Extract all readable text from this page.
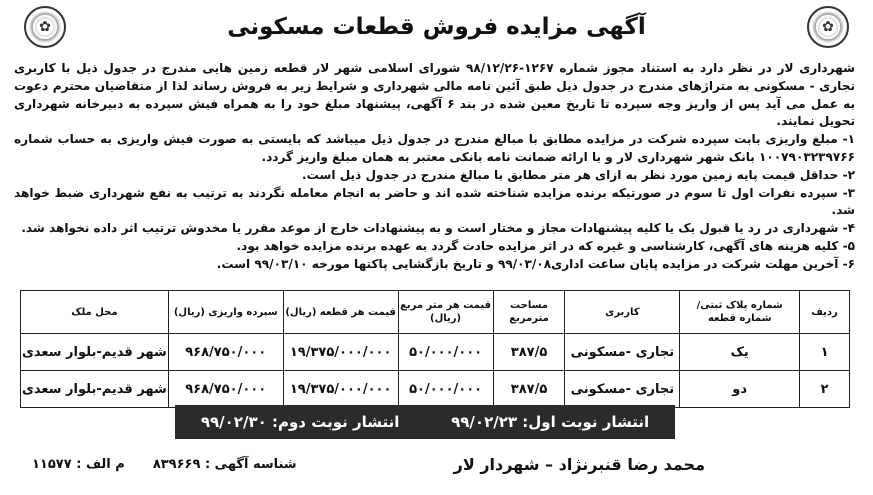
✿
✿	آگهی مزایده فروش قطعات مسکونی

شهرداری لار در نظر دارد به استناد مجوز شماره ۱۲۶۷-۹۸/۱۲/۲۶ شورای اسلامی شهر لار قطعه زمین هایی مندرج در جدول ذیل با کاربری تجاری - مسکونی به متراژهای مندرج در جدول ذیل طبق آئین نامه مالی شهرداری و شرایط زیر به فروش رساند لذا از متقاضیان محترم دعوت به عمل می آید پس از واریز وجه سپرده تا تاریخ معین شده در بند ۶ آگهی، پیشنهاد مبلغ خود را به همراه فیش سپرده به دبیرخانه شهرداری تحویل نمایند.

۱- مبلغ واریزی بابت سپرده شرکت در مزایده مطابق با مبالغ مندرج در جدول ذیل میباشد که بایستی به صورت فیش واریزی به حساب شماره ۱۰۰۷۹۰۳۲۳۹۷۶۶ بانک شهر شهرداری لار و یا ارائه ضمانت نامه بانکی معتبر به همان مبلغ واریز گردد.

۲- حداقل قیمت پایه زمین مورد نظر به ازای هر متر مطابق با مبالغ مندرج در جدول ذیل است.

۳- سپرده نفرات اول تا سوم در صورتیکه برنده مزایده شناخته شده اند و حاضر به انجام معامله نگردند به ترتیب به نفع شهرداری ضبط خواهد شد.

۴- شهرداری در رد یا قبول یک یا کلیه پیشنهادات مجاز و مختار است و به پیشنهادات خارج از موعد مقرر یا مخدوش ترتیب اثر داده نخواهد شد.

۵- کلیه هزینه های آگهی، کارشناسی و غیره که در اثر مزایده حادث گردد به عهده برنده مزایده خواهد بود.

۶- آخرین مهلت شرکت در مزایده پایان ساعت اداری۹۹/۰۳/۰۸ و تاریخ بازگشایی پاکتها مورخه ۹۹/۰۳/۱۰ است.

ردیف	شماره پلاک ثبتی/ شماره قطعه	کاربری	مساحت مترمربع	قیمت هر متر مربع (ریال)	قیمت هر قطعه (ریال)	سپرده واریزی (ریال)	محل ملک
۱	یک	تجاری -مسکونی	۳۸۷/۵	۵۰/۰۰۰/۰۰۰	۱۹/۳۷۵/۰۰۰/۰۰۰	۹۶۸/۷۵۰/۰۰۰	شهر قدیم-بلوار سعدی
۲	دو	تجاری -مسکونی	۳۸۷/۵	۵۰/۰۰۰/۰۰۰	۱۹/۳۷۵/۰۰۰/۰۰۰	۹۶۸/۷۵۰/۰۰۰	شهر قدیم-بلوار سعدی
انتشار نوبت اول: ۹۹/۰۲/۲۳
انتشار نوبت دوم: ۹۹/۰۲/۳۰
محمد رضا قنبرنژاد – شهردار لار
شناسه آگهی : ۸۳۹۶۶۹
م الف : ۱۱۵۷۷
